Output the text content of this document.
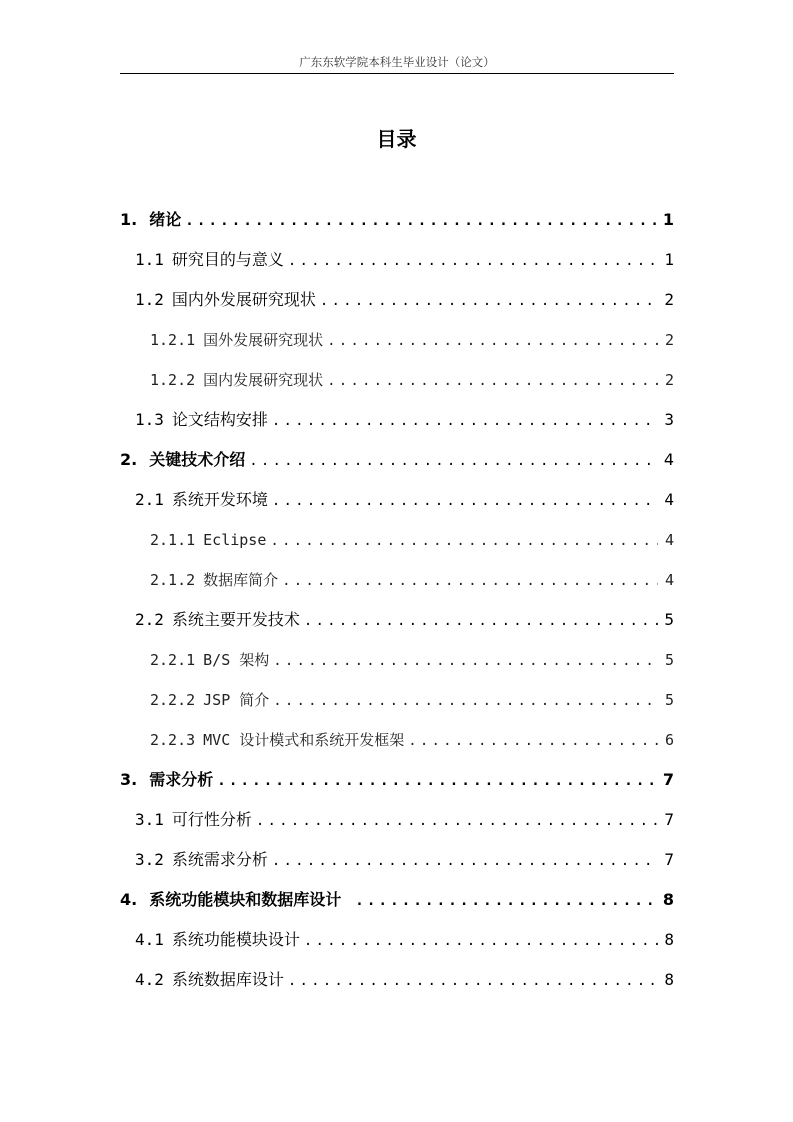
广东东软学院本科生毕业设计（论文）
目录
1. 绪论 .....	1
1.1 研究目的与意义 .....	1
1.2 国内外发展研究现状 .....	2
1.2.1 国外发展研究现状 .....	2
1.2.2 国内发展研究现状 .....	2
1.3 论文结构安排 .....	3
2. 关键技术介绍 .....	4
2.1 系统开发环境 .....	4
2.1.1 Eclipse .....	4
2.1.2 数据库简介 .....	4
2.2 系统主要开发技术 .....	5
2.2.1 B/S 架构 .....	5
2.2.2 JSP 简介 .....	5
2.2.3 MVC 设计模式和系统开发框架 .....	6
3. 需求分析 .....	7
3.1 可行性分析 .....	7
3.2 系统需求分析 .....	7
4. 系统功能模块和数据库设计 .....	8
4.1 系统功能模块设计 .....	8
4.2 系统数据库设计 .....	8
